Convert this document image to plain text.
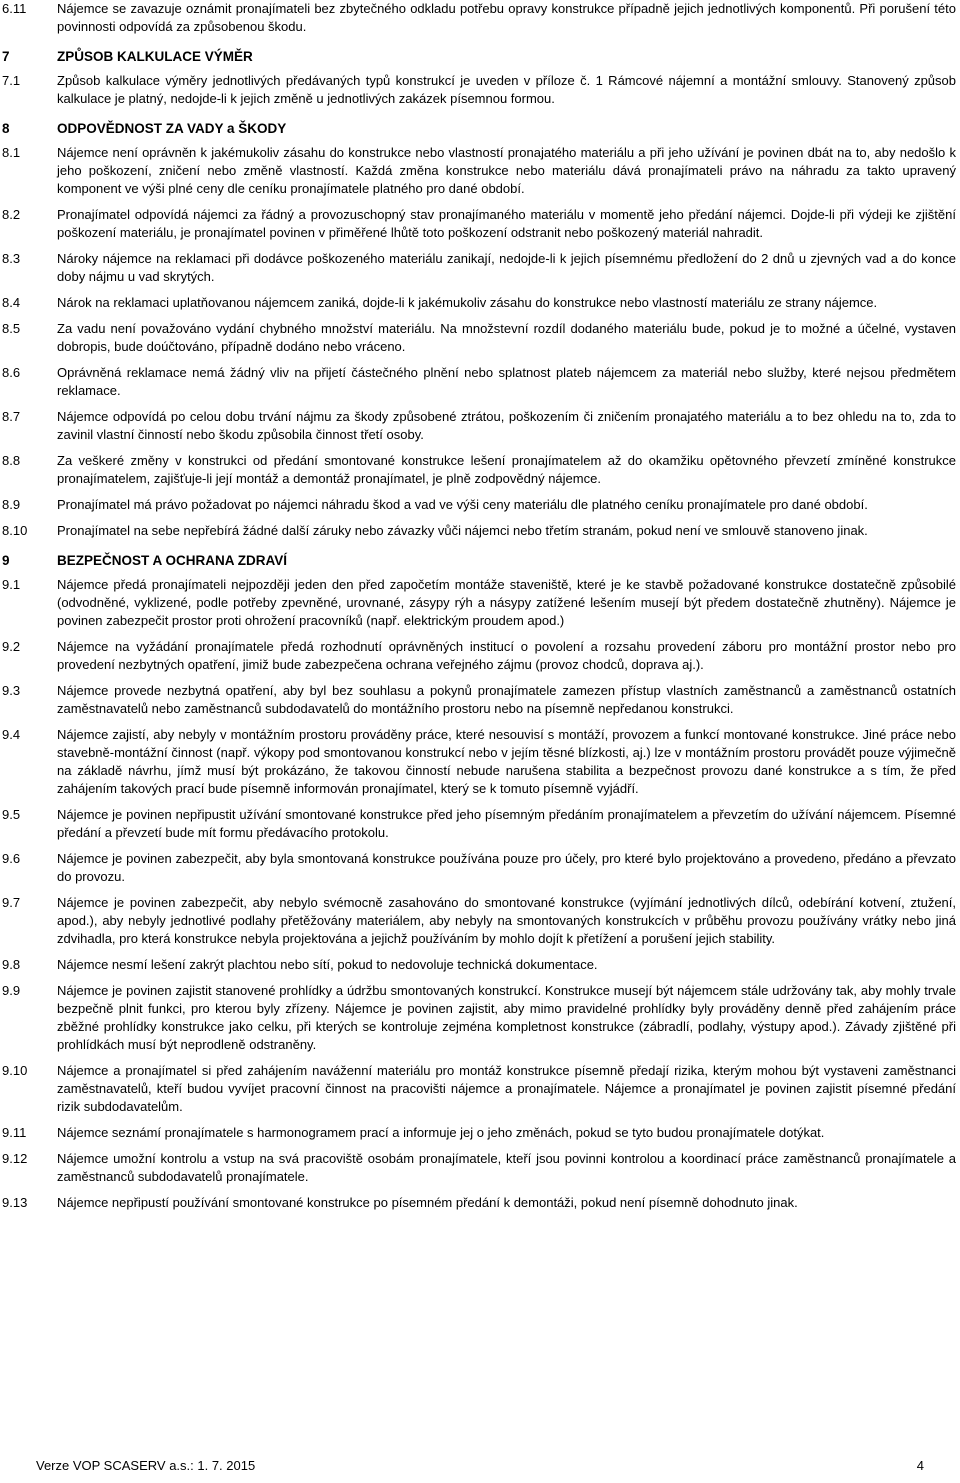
6.11	Nájemce se zavazuje oznámit pronajímateli bez zbytečného odkladu potřebu opravy konstrukce případně jejich jednotlivých komponentů. Při porušení této povinnosti odpovídá za způsobenou škodu.
7	ZPŮSOB KALKULACE VÝMĚR
7.1	Způsob kalkulace výměry jednotlivých předávaných typů konstrukcí je uveden v příloze č. 1 Rámcové nájemní a montážní smlouvy. Stanovený způsob kalkulace je platný, nedojde-li k jejich změně u jednotlivých zakázek písemnou formou.
8	ODPOVĚDNOST ZA VADY a ŠKODY
8.1	Nájemce není oprávněn k jakémukoliv zásahu do konstrukce nebo vlastností pronajatého materiálu a při jeho užívání je povinen dbát na to, aby nedošlo k jeho poškození, zničení nebo změně vlastností. Každá změna konstrukce nebo materiálu dává pronajímateli právo na náhradu za takto upravený komponent ve výši plné ceny dle ceníku pronajímatele platného pro dané období.
8.2	Pronajímatel odpovídá nájemci za řádný a provozuschopný stav pronajímaného materiálu v momentě jeho předání nájemci. Dojde-li při výdeji ke zjištění poškození materiálu, je pronajímatel povinen v přiměřené lhůtě toto poškození odstranit nebo poškozený materiál nahradit.
8.3	Nároky nájemce na reklamaci při dodávce poškozeného materiálu zanikají, nedojde-li k jejich písemnému předložení do 2 dnů u zjevných vad a do konce doby nájmu u vad skrytých.
8.4	Nárok na reklamaci uplatňovanou nájemcem zaniká, dojde-li k jakémukoliv zásahu do konstrukce nebo vlastností materiálu ze strany nájemce.
8.5	Za vadu není považováno vydání chybného množství materiálu. Na množstevní rozdíl dodaného materiálu bude, pokud je to možné a účelné, vystaven dobropis, bude doúčtováno, případně dodáno nebo vráceno.
8.6	Oprávněná reklamace nemá žádný vliv na přijetí částečného plnění nebo splatnost plateb nájemcem za materiál nebo služby, které nejsou předmětem reklamace.
8.7	Nájemce odpovídá po celou dobu trvání nájmu za škody způsobené ztrátou, poškozením či zničením pronajatého materiálu a to bez ohledu na to, zda to zavinil vlastní činností nebo škodu způsobila činnost třetí osoby.
8.8	Za veškeré změny v konstrukci od předání smontované konstrukce lešení pronajímatelem až do okamžiku opětovného převzetí zmíněné konstrukce pronajímatelem, zajišťuje-li její montáž a demontáž pronajímatel, je plně zodpovědný nájemce.
8.9	Pronajímatel má právo požadovat po nájemci náhradu škod a vad ve výši ceny materiálu dle platného ceníku pronajímatele pro dané období.
8.10	Pronajímatel na sebe nepřebírá žádné další záruky nebo závazky vůči nájemci nebo třetím stranám, pokud není ve smlouvě stanoveno jinak.
9	BEZPEČNOST A OCHRANA ZDRAVÍ
9.1	Nájemce předá pronajímateli nejpozději jeden den před započetím montáže staveniště, které je ke stavbě požadované konstrukce dostatečně způsobilé (odvodněné, vyklizené, podle potřeby zpevněné, urovnané, zásypy rýh a násypy zatížené lešením musejí být předem dostatečně zhutněny). Nájemce je povinen zabezpečit prostor proti ohrožení pracovníků (např. elektrickým proudem apod.)
9.2	Nájemce na vyžádání pronajímatele předá rozhodnutí oprávněných institucí o povolení a rozsahu provedení záboru pro montážní prostor nebo pro provedení nezbytných opatření, jimiž bude zabezpečena ochrana veřejného zájmu (provoz chodců, doprava aj.).
9.3	Nájemce provede nezbytná opatření, aby byl bez souhlasu a pokynů pronajímatele zamezen přístup vlastních zaměstnanců a zaměstnanců ostatních zaměstnavatelů nebo zaměstnanců subdodavatelů do montážního prostoru nebo na písemně nepředanou konstrukci.
9.4	Nájemce zajistí, aby nebyly v montážním prostoru prováděny práce, které nesouvisí s montáží, provozem a funkcí montované konstrukce. Jiné práce nebo stavebně-montážní činnost (např. výkopy pod smontovanou konstrukcí nebo v jejím těsné blízkosti, aj.) lze v montážním prostoru provádět pouze výjimečně na základě návrhu, jímž musí být prokázáno, že takovou činností nebude narušena stabilita a bezpečnost provozu dané konstrukce a s tím, že před zahájením takových prací bude písemně informován pronajímatel, který se k tomuto písemně vyjádří.
9.5	Nájemce je povinen nepřipustit užívání smontované konstrukce před jeho písemným předáním pronajímatelem a převzetím do užívání nájemcem. Písemné předání a převzetí bude mít formu předávacího protokolu.
9.6	Nájemce je povinen zabezpečit, aby byla smontovaná konstrukce používána pouze pro účely, pro které bylo projektováno a provedeno, předáno a převzato do provozu.
9.7	Nájemce je povinen zabezpečit, aby nebylo svémocně zasahováno do smontované konstrukce (vyjímání jednotlivých dílců, odebírání kotvení, ztužení, apod.), aby nebyly jednotlivé podlahy přetěžovány materiálem, aby nebyly na smontovaných konstrukcích v průběhu provozu používány vrátky nebo jiná zdvihadla, pro která konstrukce nebyla projektována a jejichž používáním by mohlo dojít k přetížení a porušení jejich stability.
9.8	Nájemce nesmí lešení zakrýt plachtou nebo sítí, pokud to nedovoluje technická dokumentace.
9.9	Nájemce je povinen zajistit stanovené prohlídky a údržbu smontovaných konstrukcí. Konstrukce musejí být nájemcem stále udržovány tak, aby mohly trvale bezpečně plnit funkci, pro kterou byly zřízeny. Nájemce je povinen zajistit, aby mimo pravidelné prohlídky byly prováděny denně před zahájením práce zběžné prohlídky konstrukce jako celku, při kterých se kontroluje zejména kompletnost konstrukce (zábradlí, podlahy, výstupy apod.). Závady zjištěné při prohlídkách musí být neprodleně odstraněny.
9.10	Nájemce a pronajímatel si před zahájením naváženní materiálu pro montáž konstrukce písemně předají rizika, kterým mohou být vystaveni zaměstnanci zaměstnavatelů, kteří budou vyvíjet pracovní činnost na pracovišti nájemce a pronajímatele. Nájemce a pronajímatel je povinen zajistit písemné předání rizik subdodavatelům.
9.11	Nájemce seznámí pronajímatele s harmonogramem prací a informuje jej o jeho změnách, pokud se tyto budou pronajímatele dotýkat.
9.12	Nájemce umožní kontrolu a vstup na svá pracoviště osobám pronajímatele, kteří jsou povinni kontrolou a koordinací práce zaměstnanců pronajímatele a zaměstnanců subdodavatelů pronajímatele.
9.13	Nájemce nepřipustí používání smontované konstrukce po písemném předání k demontáži, pokud není písemně dohodnuto jinak.
Verze VOP SCASERV a.s.: 1. 7. 2015	4
